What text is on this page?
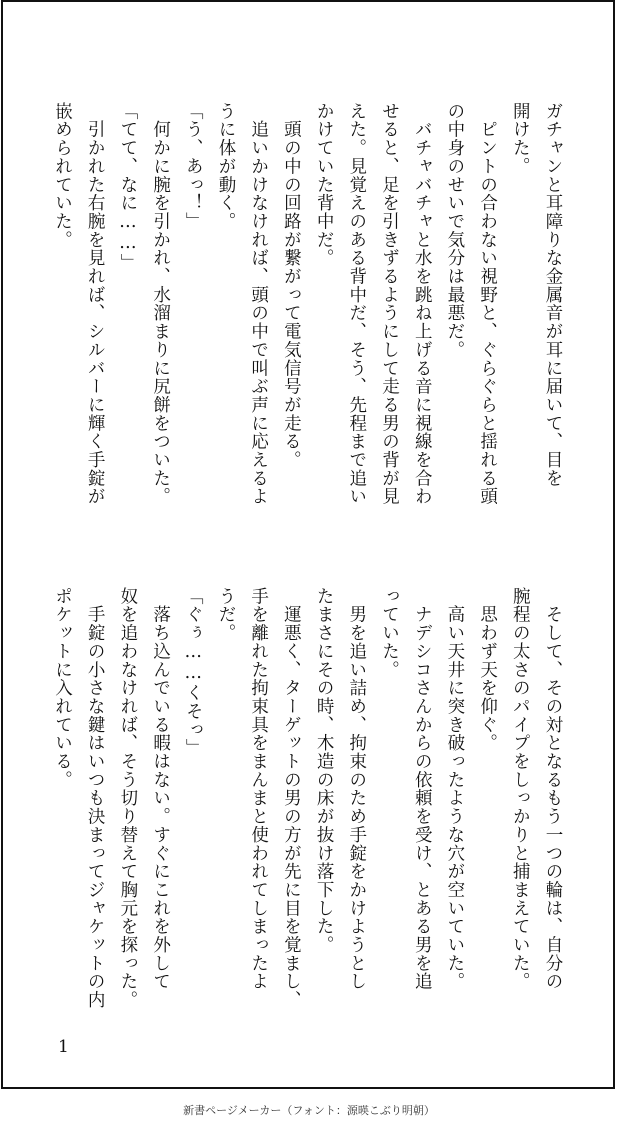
ガチャンと耳障りな金属音が耳に届いて、目を
開けた。
　ピントの合わない視野と、ぐらぐらと揺れる頭
の中身のせいで気分は最悪だ。
　バチャバチャと水を跳ね上げる音に視線を合わ
せると、足を引きずるようにして走る男の背が見
えた。見覚えのある背中だ、そう、先程まで追い
かけていた背中だ。
　頭の中の回路が繋がって電気信号が走る。
　追いかけなければ、頭の中で叫ぶ声に応えるよ
うに体が動く。
「う、あっ！」
　何かに腕を引かれ、水溜まりに尻餅をついた。
「てて、なに……」
　引かれた右腕を見れば、シルバーに輝く手錠が
嵌められていた。
　そして、その対となるもう一つの輪は、自分の
腕程の太さのパイプをしっかりと捕まえていた。
　思わず天を仰ぐ。
　高い天井に突き破ったような穴が空いていた。
　ナデシコさんからの依頼を受け、とある男を追
っていた。
　男を追い詰め、拘束のため手錠をかけようとし
たまさにその時、木造の床が抜け落下した。
　運悪く、ターゲットの男の方が先に目を覚まし、
手を離れた拘束具をまんまと使われてしまったよ
うだ。
「ぐぅ……くそっ」
　落ち込んでいる暇はない。すぐにこれを外して
奴を追わなければ、そう切り替えて胸元を探った。
　手錠の小さな鍵はいつも決まってジャケットの内
ポケットに入れている。
1
新書ページメーカー（フォント：源暎こぶり明朝）
